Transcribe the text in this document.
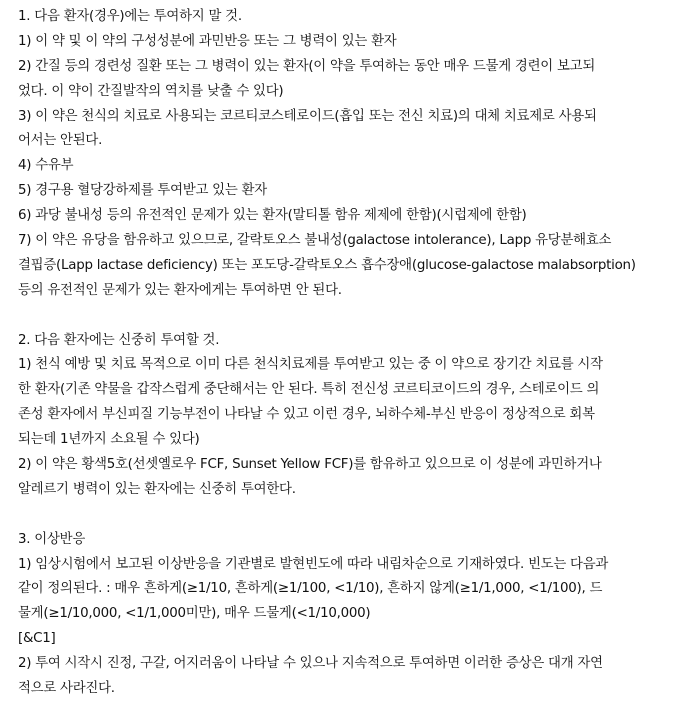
1. 다음 환자(경우)에는 투여하지 말 것.
1) 이 약 및 이 약의 구성성분에 과민반응 또는 그 병력이 있는 환자
2) 간질 등의 경련성 질환 또는 그 병력이 있는 환자(이 약을 투여하는 동안 매우 드물게 경련이 보고되
었다. 이 약이 간질발작의 역치를 낮출 수 있다)
3) 이 약은 천식의 치료로 사용되는 코르티코스테로이드(흡입 또는 전신 치료)의 대체 치료제로 사용되
어서는 안된다.
4) 수유부
5) 경구용 혈당강하제를 투여받고 있는 환자
6) 과당 불내성 등의 유전적인 문제가 있는 환자(말티톨 함유 제제에 한함)(시럽제에 한함)
7) 이 약은 유당을 함유하고 있으므로, 갈락토오스 불내성(galactose intolerance), Lapp 유당분해효소
결핍증(Lapp lactase deficiency) 또는 포도당-갈락토오스 흡수장애(glucose-galactose malabsorption)
등의 유전적인 문제가 있는 환자에게는 투여하면 안 된다.
2. 다음 환자에는 신중히 투여할 것.
1) 천식 예방 및 치료 목적으로 이미 다른 천식치료제를 투여받고 있는 중 이 약으로 장기간 치료를 시작
한 환자(기존 약물을 갑작스럽게 중단해서는 안 된다. 특히 전신성 코르티코이드의 경우, 스테로이드 의
존성 환자에서 부신피질 기능부전이 나타날 수 있고 이런 경우, 뇌하수체-부신 반응이 정상적으로 회복
되는데 1년까지 소요될 수 있다)
2) 이 약은 황색5호(선셋옐로우 FCF, Sunset Yellow FCF)를 함유하고 있으므로 이 성분에 과민하거나
알레르기 병력이 있는 환자에는 신중히 투여한다.
3. 이상반응
1) 임상시험에서 보고된 이상반응을 기관별로 발현빈도에 따라 내림차순으로 기재하였다. 빈도는 다음과
같이 정의된다. : 매우 흔하게(≥1/10, 흔하게(≥1/100, <1/10), 흔하지 않게(≥1/1,000, <1/100), 드
물게(≥1/10,000, <1/1,000미만), 매우 드물게(<1/10,000)
[&C1]
2) 투여 시작시 진정, 구갈, 어지러움이 나타날 수 있으나 지속적으로 투여하면 이러한 증상은 대개 자연
적으로 사라진다.
